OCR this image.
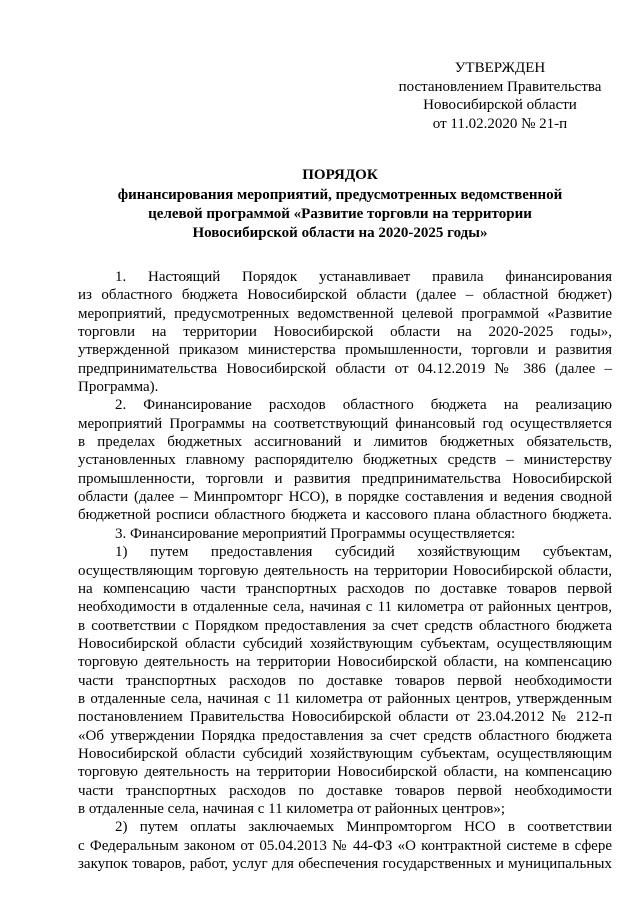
УТВЕРЖДЕН
постановлением Правительства
Новосибирской области
от 11.02.2020 № 21-п
ПОРЯДОК
финансирования мероприятий, предусмотренных ведомственной
целевой программой «Развитие торговли на территории
Новосибирской области на 2020-2025 годы»
1. Настоящий Порядок устанавливает правила финансирования
из областного бюджета Новосибирской области (далее – областной бюджет)
мероприятий, предусмотренных ведомственной целевой программой «Развитие
торговли на территории Новосибирской области на 2020-2025 годы»,
утвержденной приказом министерства промышленности, торговли и развития
предпринимательства Новосибирской области от 04.12.2019 № 386 (далее –
Программа).
2. Финансирование расходов областного бюджета на реализацию
мероприятий Программы на соответствующий финансовый год осуществляется
в пределах бюджетных ассигнований и лимитов бюджетных обязательств,
установленных главному распорядителю бюджетных средств – министерству
промышленности, торговли и развития предпринимательства Новосибирской
области (далее – Минпромторг НСО), в порядке составления и ведения сводной
бюджетной росписи областного бюджета и кассового плана областного бюджета.
3. Финансирование мероприятий Программы осуществляется:
1) путем предоставления субсидий хозяйствующим субъектам,
осуществляющим торговую деятельность на территории Новосибирской области,
на компенсацию части транспортных расходов по доставке товаров первой
необходимости в отдаленные села, начиная с 11 километра от районных центров,
в соответствии с Порядком предоставления за счет средств областного бюджета
Новосибирской области субсидий хозяйствующим субъектам, осуществляющим
торговую деятельность на территории Новосибирской области, на компенсацию
части транспортных расходов по доставке товаров первой необходимости
в отдаленные села, начиная с 11 километра от районных центров, утвержденным
постановлением Правительства Новосибирской области от 23.04.2012 № 212-п
«Об утверждении Порядка предоставления за счет средств областного бюджета
Новосибирской области субсидий хозяйствующим субъектам, осуществляющим
торговую деятельность на территории Новосибирской области, на компенсацию
части транспортных расходов по доставке товаров первой необходимости
в отдаленные села, начиная с 11 километра от районных центров»;
2) путем оплаты заключаемых Минпромторгом НСО в соответствии
с Федеральным законом от 05.04.2013 № 44-ФЗ «О контрактной системе в сфере
закупок товаров, работ, услуг для обеспечения государственных и муниципальных
